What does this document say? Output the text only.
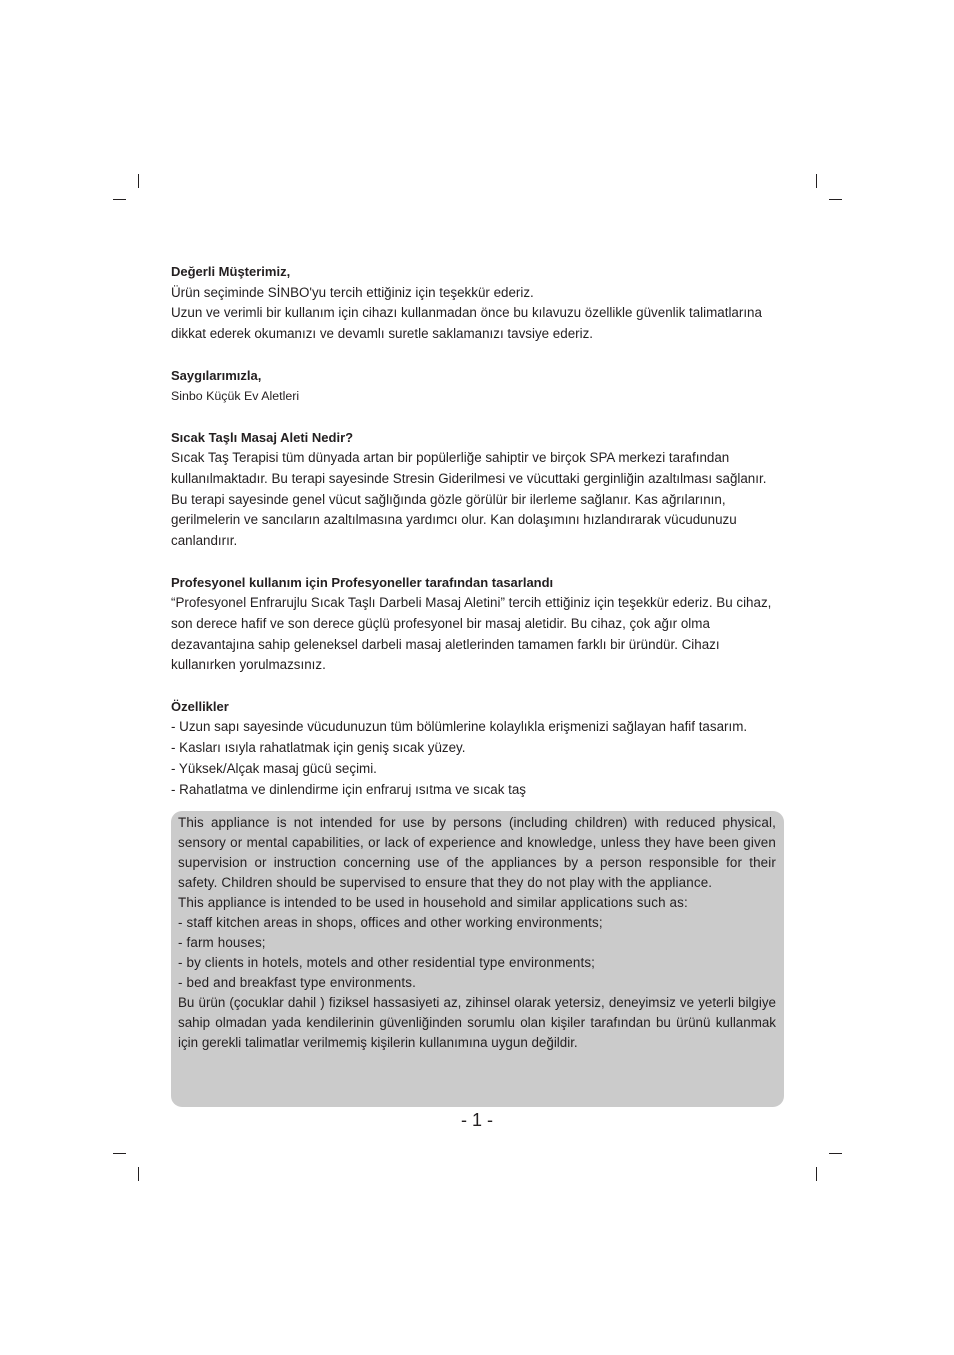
Değerli Müşterimiz,

Ürün seçiminde SİNBO'yu tercih ettiğiniz için teşekkür ederiz.

Uzun ve verimli bir kullanım için cihazı kullanmadan önce bu kılavuzu özellikle güvenlik talimatlarına dikkat ederek okumanızı ve devamlı suretle saklamanızı tavsiye ederiz.

Saygılarımızla,

Sinbo Küçük Ev Aletleri

Sıcak Taşlı Masaj Aleti Nedir?

Sıcak Taş Terapisi tüm dünyada artan bir popülerliğe sahiptir ve birçok SPA merkezi tarafından kullanılmaktadır. Bu terapi sayesinde Stresin Giderilmesi ve vücuttaki gerginliğin azaltılması sağlanır. Bu terapi sayesinde genel vücut sağlığında gözle görülür bir ilerleme sağlanır. Kas ağrılarının, gerilmelerin ve sancıların azaltılmasına yardımcı olur. Kan dolaşımını hızlandırarak vücudunuzu canlandırır.

Profesyonel kullanım için Profesyoneller tarafından tasarlandı

“Profesyonel Enfrarujlu Sıcak Taşlı Darbeli Masaj Aletini” tercih ettiğiniz için teşekkür ederiz. Bu cihaz, son derece hafif ve son derece güçlü profesyonel bir masaj aletidir. Bu cihaz, çok ağır olma dezavantajına sahip geleneksel darbeli masaj aletlerinden tamamen farklı bir üründür. Cihazı kullanırken yorulmazsınız.

Özellikler

- Uzun sapı sayesinde vücudunuzun tüm bölümlerine kolaylıkla erişmenizi sağlayan hafif tasarım.
- Kasları ısıyla rahatlatmak için geniş sıcak yüzey.
- Yüksek/Alçak masaj gücü seçimi.
- Rahatlatma ve dinlendirme için enfraruj ısıtma ve sıcak taş

This appliance is not intended for use by persons (including children) with reduced physical, sensory or mental capabilities, or lack of experience and knowledge, unless they have been given supervision or instruction concerning use of the appliances by a person responsible for their safety. Children should be supervised to ensure that they do not play with the appliance.

This appliance is intended to be used in household and similar applications such as:

- staff kitchen areas in shops, offices and other working environments;
- farm houses;
- by clients in hotels, motels and other residential type environments;
- bed and breakfast type environments.

Bu ürün (çocuklar dahil ) fiziksel hassasiyeti az, zihinsel olarak yetersiz, deneyimsiz ve yeterli bilgiye sahip olmadan yada kendilerinin güvenliğinden sorumlu olan kişiler tarafından bu ürünü kullanmak için gerekli talimatlar verilmemiş kişilerin kullanımına uygun değildir.

- 1 -
